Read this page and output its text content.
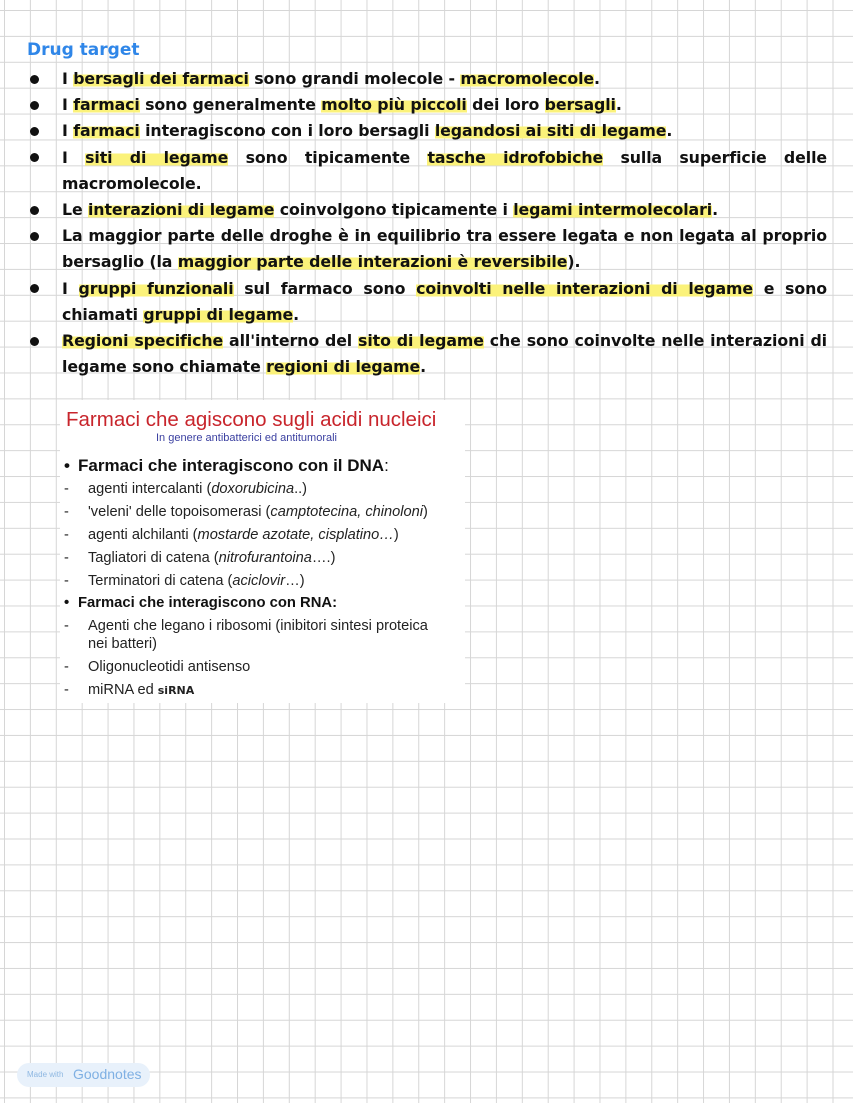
Drug target
I bersagli dei farmaci sono grandi molecole - macromolecole.
I farmaci sono generalmente molto più piccoli dei loro bersagli.
I farmaci interagiscono con i loro bersagli legandosi ai siti di legame.
I siti di legame sono tipicamente tasche idrofobiche sulla superficie delle macromolecole.
Le interazioni di legame coinvolgono tipicamente i legami intermolecolari.
La maggior parte delle droghe è in equilibrio tra essere legata e non legata al proprio bersaglio (la maggior parte delle interazioni è reversibile).
I gruppi funzionali sul farmaco sono coinvolti nelle interazioni di legame e sono chiamati gruppi di legame.
Regioni specifiche all'interno del sito di legame che sono coinvolte nelle interazioni di legame sono chiamate regioni di legame.
Farmaci che agiscono sugli acidi nucleici
In genere antibatterici ed antitumorali
• Farmaci che interagiscono con il DNA:
- agenti intercalanti (doxorubicina..)
- 'veleni' delle topoisomerasi (camptotecina, chinoloni)
- agenti alchilanti (mostarde azotate, cisplatino…)
- Tagliatori di catena (nitrofurantoina….)
- Terminatori di catena (aciclovir…)
• Farmaci che interagiscono con RNA:
- Agenti che legano i ribosomi (inibitori sintesi proteica
nei batteri)
- Oligonucleotidi antisenso
- miRNA ed siRNA
Made with Goodnotes
